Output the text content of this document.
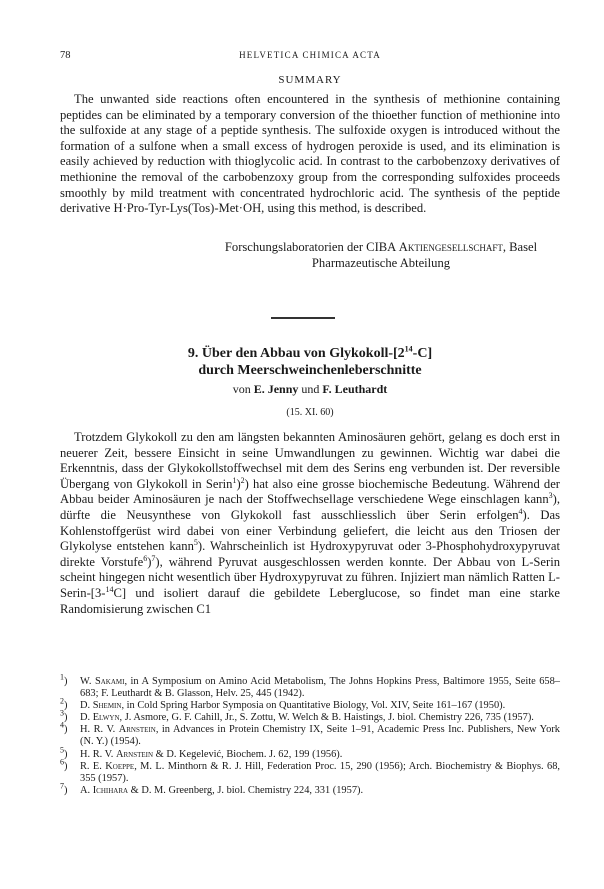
78	HELVETICA CHIMICA ACTA
SUMMARY
The unwanted side reactions often encountered in the synthesis of methionine containing peptides can be eliminated by a temporary conversion of the thioether function of methionine into the sulfoxide at any stage of a peptide synthesis. The sulfoxide oxygen is introduced without the formation of a sulfone when a small excess of hydrogen peroxide is used, and its elimination is easily achieved by reduction with thioglycolic acid. In contrast to the carbobenzoxy derivatives of methionine the removal of the carbobenzoxy group from the corresponding sulfoxides proceeds smoothly by mild treatment with concentrated hydrochloric acid. The synthesis of the peptide derivative H·Pro-Tyr-Lys(Tos)-Met·OH, using this method, is described.
Forschungslaboratorien der CIBA Aktiengesellschaft, Basel
Pharmazeutische Abteilung
9. Über den Abbau von Glykokoll-$[2^{14}-C]$
durch Meerschweinchenleberschnitte
von E. Jenny und F. Leuthardt
(15. XI. 60)
Trotzdem Glykokoll zu den am längsten bekannten Aminosäuren gehört, gelang es doch erst in neuerer Zeit, bessere Einsicht in seine Umwandlungen zu gewinnen. Wichtig war dabei die Erkenntnis, dass der Glykokollstoffwechsel mit dem des Serins eng verbunden ist. Der reversible Übergang von Glykokoll in Serin$^1$)$^2$) hat also eine grosse biochemische Bedeutung. Während der Abbau beider Aminosäuren je nach der Stoffwechsellage verschiedene Wege einschlagen kann$^3$), dürfte die Neusynthese von Glykokoll fast ausschliesslich über Serin erfolgen$^4$). Das Kohlenstoffgerüst wird dabei von einer Verbindung geliefert, die leicht aus den Triosen der Glykolyse entstehen kann$^5$). Wahrscheinlich ist Hydroxypyruvat oder 3-Phosphohydroxypyruvat direkte Vorstufe$^6$)$^7$), während Pyruvat ausgeschlossen werden konnte. Der Abbau von L-Serin scheint hingegen nicht wesentlich über Hydroxypyruvat zu führen. Injiziert man nämlich Ratten L-Serin-[3-$^{14}$C] und isoliert darauf die gebildete Leberglucose, so findet man eine starke Randomisierung zwischen C1
$^1$)	W. Sakami, in A Symposium on Amino Acid Metabolism, The Johns Hopkins Press, Baltimore 1955, Seite 658–683; F. Leuthardt & B. Glasson, Helv. 25, 445 (1942).
$^2$)	D. Shemin, in Cold Spring Harbor Symposia on Quantitative Biology, Vol. XIV, Seite 161–167 (1950).
$^3$)	D. Elwyn, J. Asmore, G. F. Cahill, Jr., S. Zottu, W. Welch & B. Haistings, J. biol. Chemistry 226, 735 (1957).
$^4$)	H. R. V. Arnstein, in Advances in Protein Chemistry IX, Seite 1–91, Academic Press Inc. Publishers, New York (N. Y.) (1954).
$^5$)	H. R. V. Arnstein & D. Kegelević, Biochem. J. 62, 199 (1956).
$^6$)	R. E. Koeppe, M. L. Minthorn & R. J. Hill, Federation Proc. 15, 290 (1956); Arch. Biochemistry & Biophys. 68, 355 (1957).
$^7$)	A. Ichihara & D. M. Greenberg, J. biol. Chemistry 224, 331 (1957).
